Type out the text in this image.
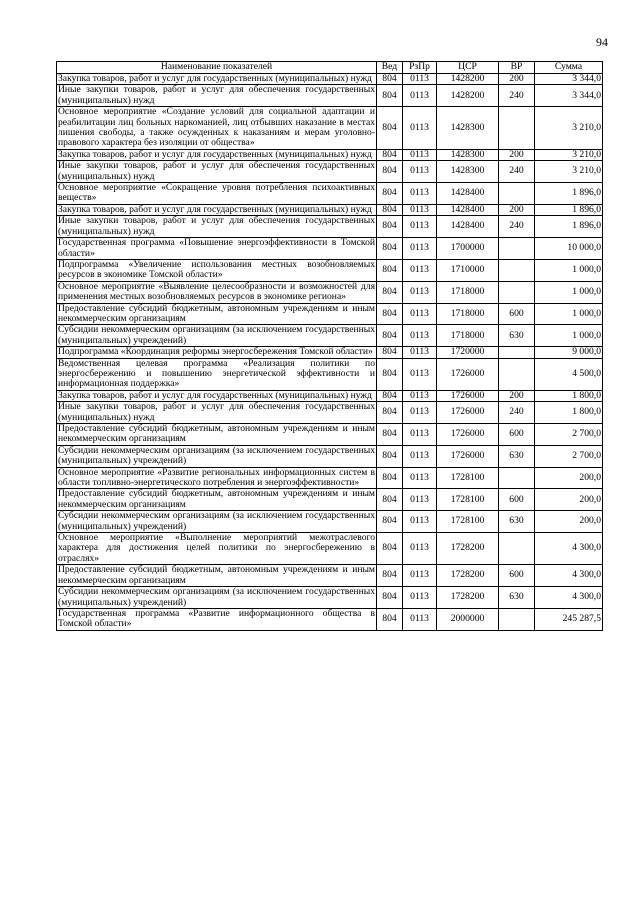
94
Наименование показателей	Вед	РзПр	ЦСР	ВР	Сумма
Закупка товаров, работ и услуг для государственных (муниципальных) нужд	804	0113	1428200	200	3 344,0
Иные закупки товаров, работ и услуг для обеспечения государственных (муниципальных) нужд	804	0113	1428200	240	3 344,0
Основное мероприятие «Создание условий для социальной адаптации и реабилитации лиц больных наркоманией, лиц отбывших наказание в местах лишения свободы, а также осужденных к наказаниям и мерам уголовно-правового характера без изоляции от общества»	804	0113	1428300		3 210,0
Закупка товаров, работ и услуг для государственных (муниципальных) нужд	804	0113	1428300	200	3 210,0
Иные закупки товаров, работ и услуг для обеспечения государственных (муниципальных) нужд	804	0113	1428300	240	3 210,0
Основное мероприятие «Сокращение уровня потребления психоактивных веществ»	804	0113	1428400		1 896,0
Закупка товаров, работ и услуг для государственных (муниципальных) нужд	804	0113	1428400	200	1 896,0
Иные закупки товаров, работ и услуг для обеспечения государственных (муниципальных) нужд	804	0113	1428400	240	1 896,0
Государственная программа «Повышение энергоэффективности в Томской области»	804	0113	1700000		10 000,0
Подпрограмма «Увеличение использования местных возобновляемых ресурсов в экономике Томской области»	804	0113	1710000		1 000,0
Основное мероприятие «Выявление целесообразности и возможностей для применения местных возобновляемых ресурсов в экономике региона»	804	0113	1718000		1 000,0
Предоставление субсидий бюджетным, автономным учреждениям и иным некоммерческим организациям	804	0113	1718000	600	1 000,0
Субсидии некоммерческим организациям (за исключением государственных (муниципальных) учреждений)	804	0113	1718000	630	1 000,0
Подпрограмма «Координация реформы энергосбережения Томской области»	804	0113	1720000		9 000,0
Ведомственная целевая программа «Реализация политики по энергосбережению и повышению энергетической эффективности и информационная поддержка»	804	0113	1726000		4 500,0
Закупка товаров, работ и услуг для государственных (муниципальных) нужд	804	0113	1726000	200	1 800,0
Иные закупки товаров, работ и услуг для обеспечения государственных (муниципальных) нужд	804	0113	1726000	240	1 800,0
Предоставление субсидий бюджетным, автономным учреждениям и иным некоммерческим организациям	804	0113	1726000	600	2 700,0
Субсидии некоммерческим организациям (за исключением государственных (муниципальных) учреждений)	804	0113	1726000	630	2 700,0
Основное мероприятие «Развитие региональных информационных систем в области топливно-энергетического потребления и энергоэффективности»	804	0113	1728100		200,0
Предоставление субсидий бюджетным, автономным учреждениям и иным некоммерческим организациям	804	0113	1728100	600	200,0
Субсидии некоммерческим организациям (за исключением государственных (муниципальных) учреждений)	804	0113	1728100	630	200,0
Основное мероприятие «Выполнение мероприятий межотраслевого характера для достижения целей политики по энергосбережению в отраслях»	804	0113	1728200		4 300,0
Предоставление субсидий бюджетным, автономным учреждениям и иным некоммерческим организациям	804	0113	1728200	600	4 300,0
Субсидии некоммерческим организациям (за исключением государственных (муниципальных) учреждений)	804	0113	1728200	630	4 300,0
Государственная программа «Развитие информационного общества в Томской области»	804	0113	2000000		245 287,5
